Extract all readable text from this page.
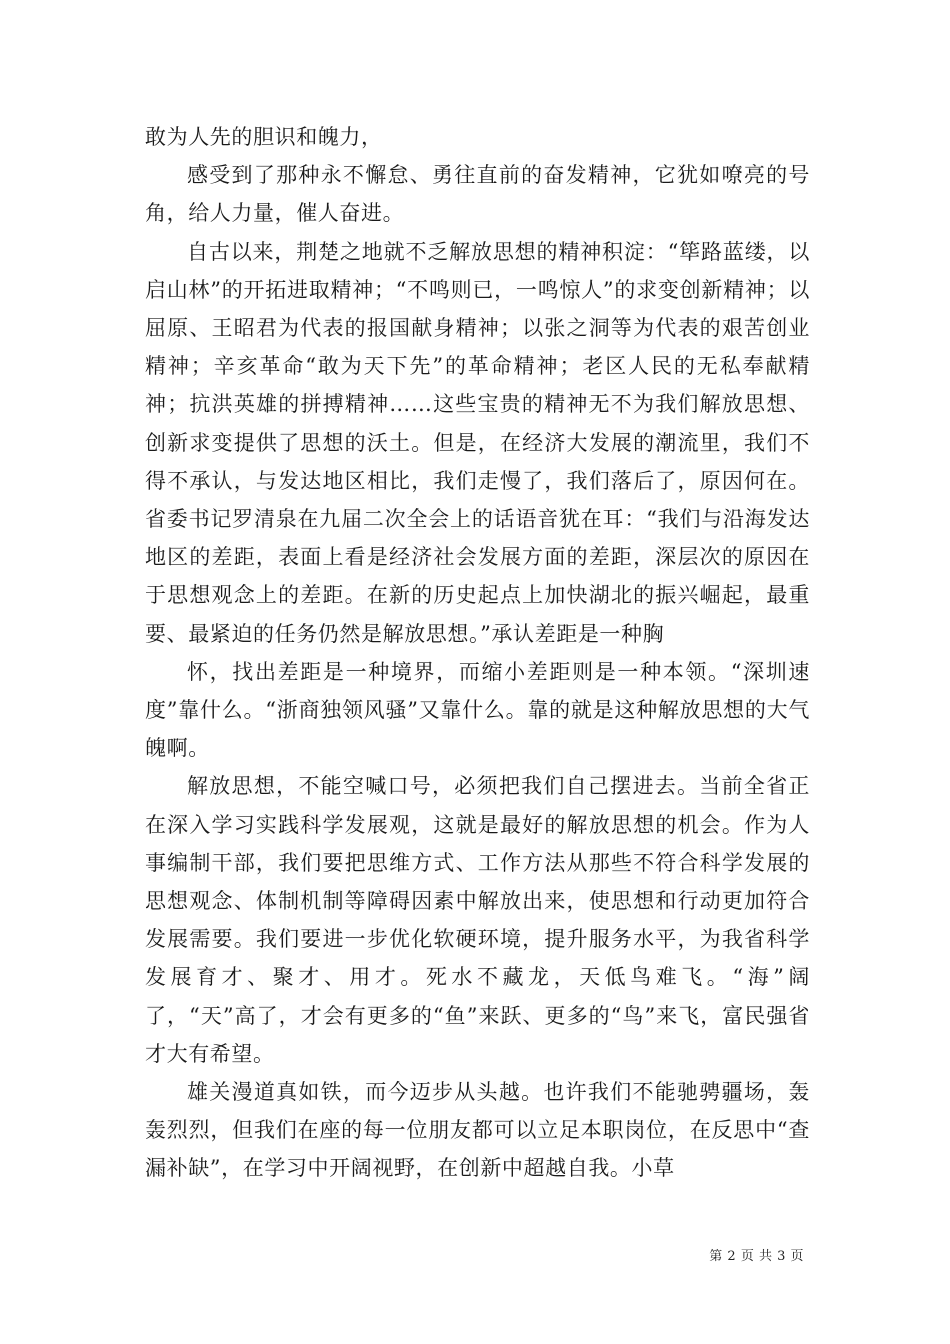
敢为人先的胆识和魄力，

感受到了那种永不懈怠、勇往直前的奋发精神，它犹如嘹亮的号角，给人力量，催人奋进。

自古以来，荆楚之地就不乏解放思想的精神积淀：“筚路蓝缕，以启山林”的开拓进取精神；“不鸣则已，一鸣惊人”的求变创新精神；以屈原、王昭君为代表的报国献身精神；以张之洞等为代表的艰苦创业精神；辛亥革命“敢为天下先”的革命精神；老区人民的无私奉献精神；抗洪英雄的拼搏精神……这些宝贵的精神无不为我们解放思想、创新求变提供了思想的沃土。但是，在经济大发展的潮流里，我们不得不承认，与发达地区相比，我们走慢了，我们落后了，原因何在。省委书记罗清泉在九届二次全会上的话语音犹在耳：“我们与沿海发达地区的差距，表面上看是经济社会发展方面的差距，深层次的原因在于思想观念上的差距。在新的历史起点上加快湖北的振兴崛起，最重要、最紧迫的任务仍然是解放思想。”承认差距是一种胸

怀，找出差距是一种境界，而缩小差距则是一种本领。“深圳速度”靠什么。“浙商独领风骚”又靠什么。靠的就是这种解放思想的大气魄啊。

解放思想，不能空喊口号，必须把我们自己摆进去。当前全省正在深入学习实践科学发展观，这就是最好的解放思想的机会。作为人事编制干部，我们要把思维方式、工作方法从那些不符合科学发展的思想观念、体制机制等障碍因素中解放出来，使思想和行动更加符合发展需要。我们要进一步优化软硬环境，提升服务水平，为我省科学发展育才、聚才、用才。死水不藏龙，天低鸟难飞。“海”阔了，“天”高了，才会有更多的“鱼”来跃、更多的“鸟”来飞，富民强省才大有希望。

雄关漫道真如铁，而今迈步从头越。也许我们不能驰骋疆场，轰轰烈烈，但我们在座的每一位朋友都可以立足本职岗位，在反思中“查漏补缺”，在学习中开阔视野，在创新中超越自我。小草

第 2 页 共 3 页
